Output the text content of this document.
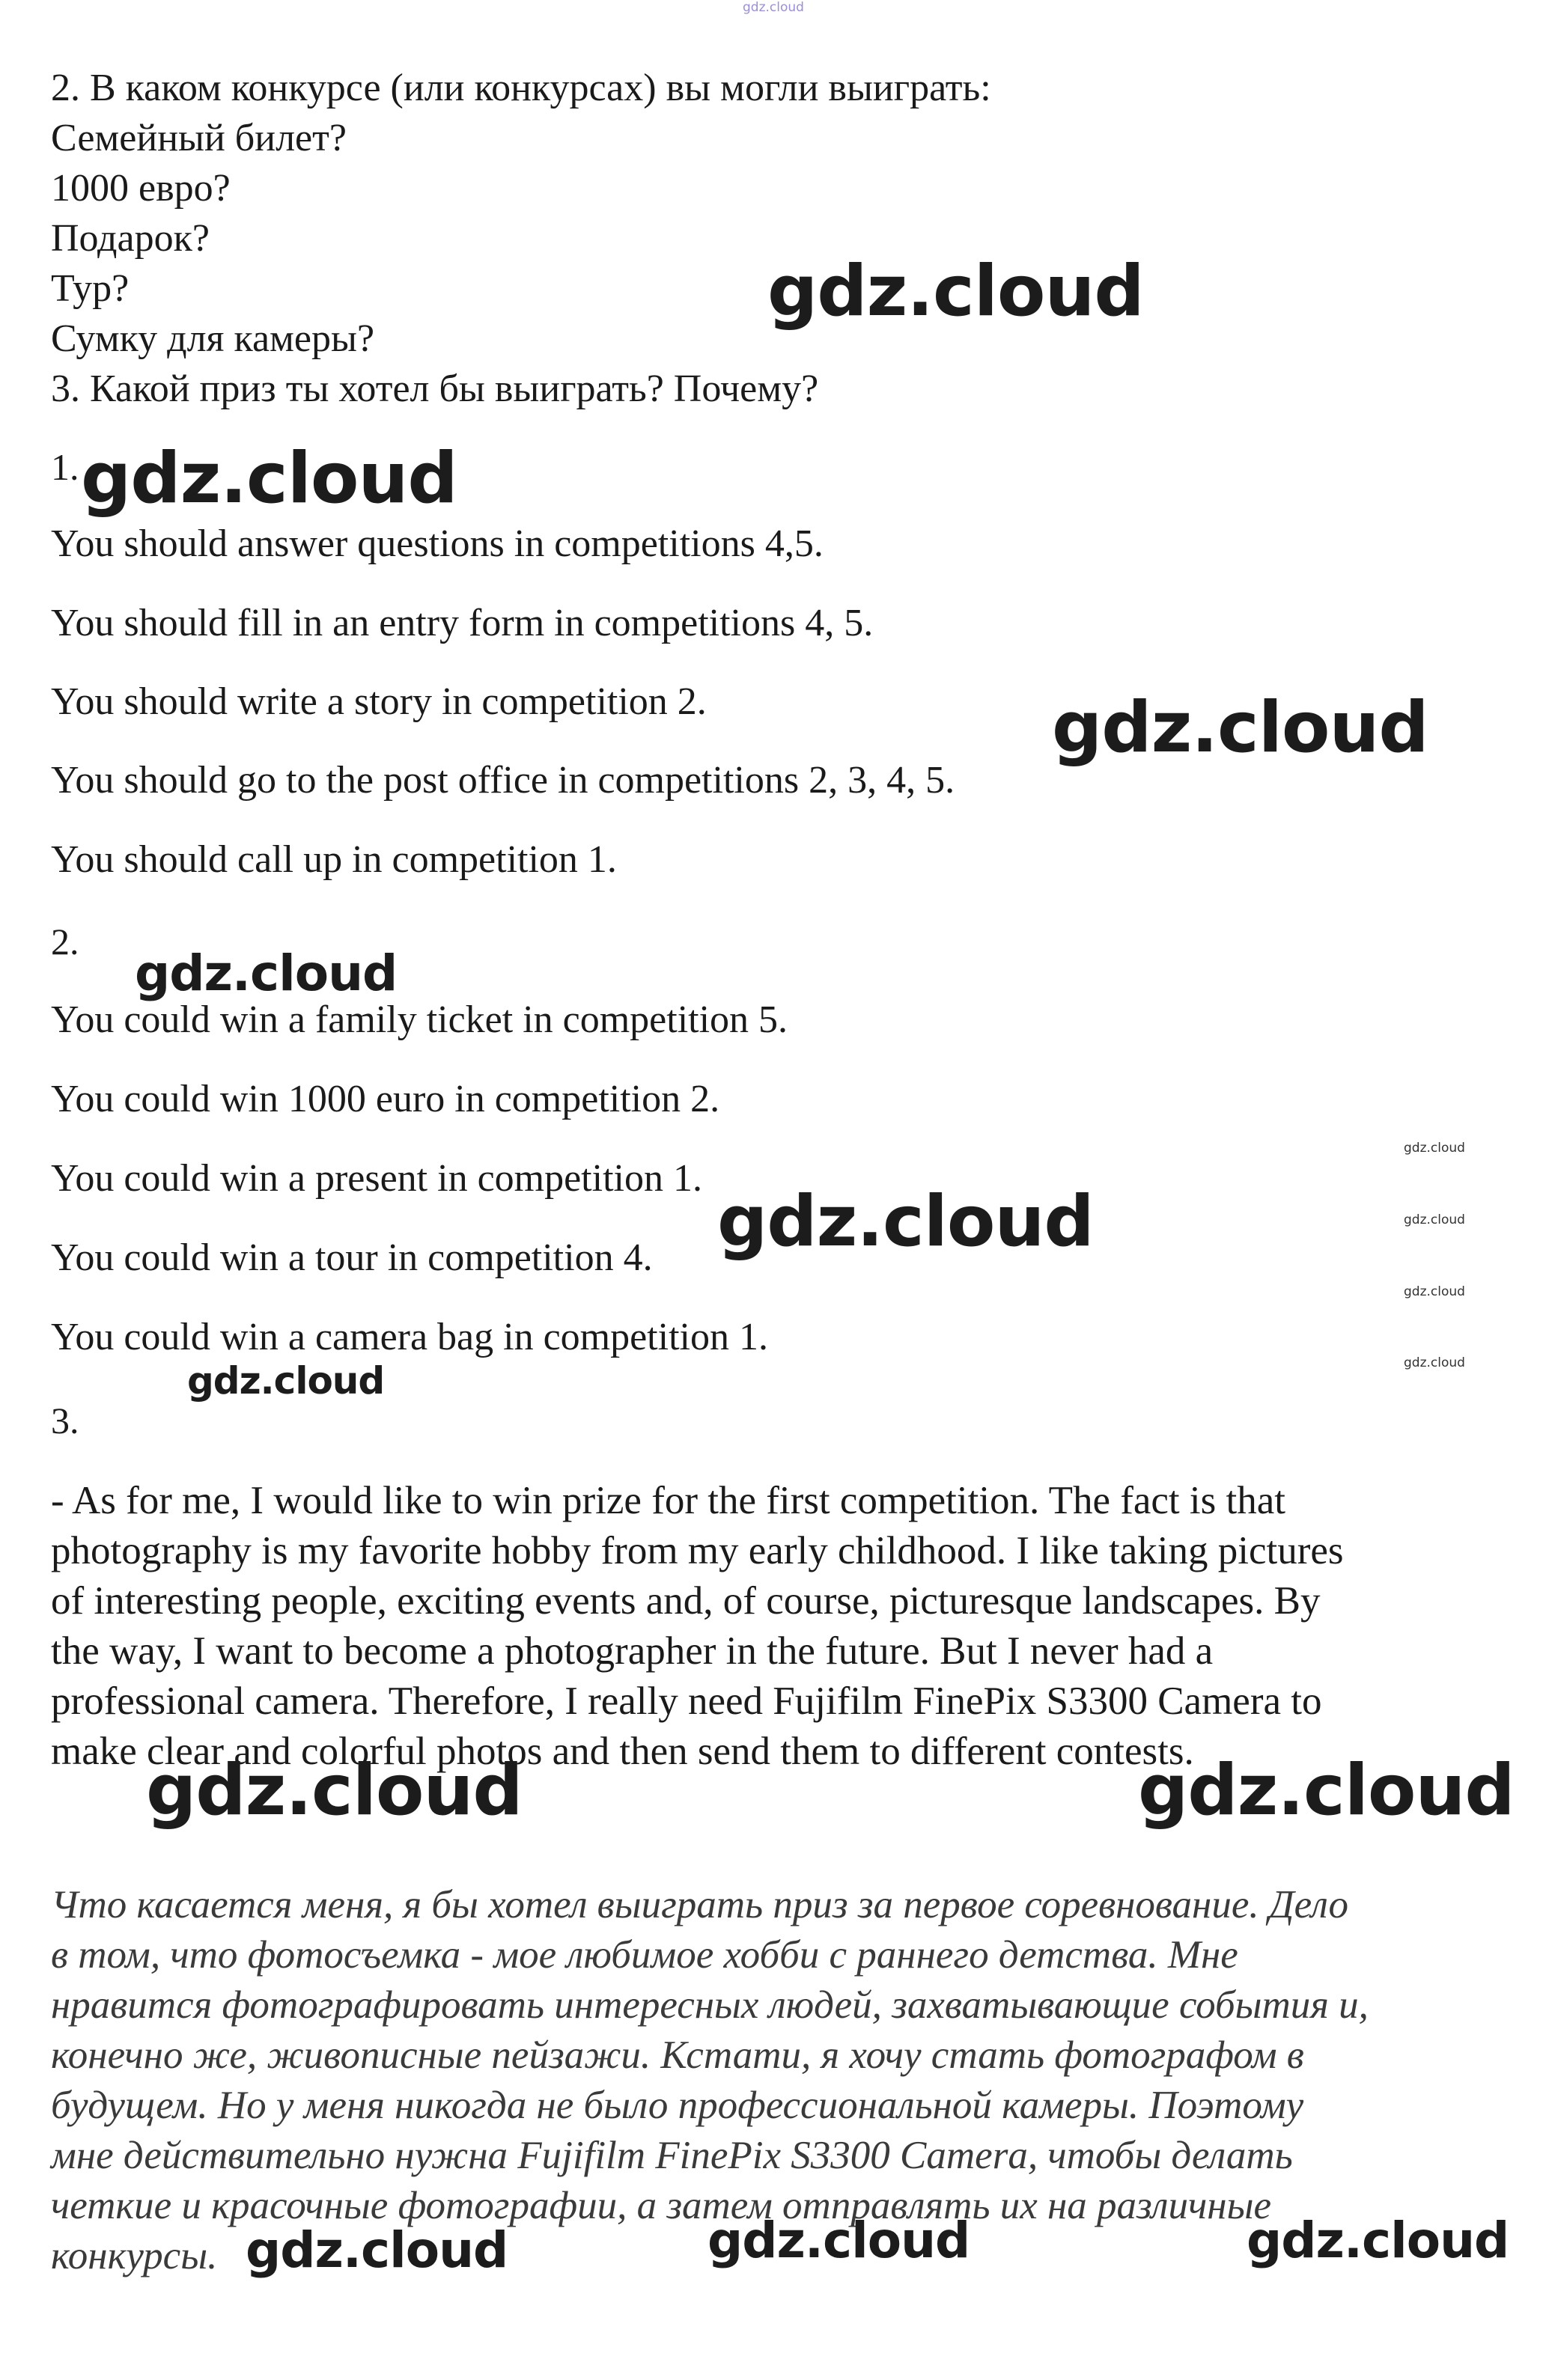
gdz.cloud

2. В каком конкурсе (или конкурсах) вы могли выиграть:

Семейный билет?

1000 евро?

Подарок?

Тур?

Сумку для камеры?

3. Какой приз ты хотел бы выиграть? Почему?

gdz.cloud
1. gdz.cloud

You should answer questions in competitions 4,5.

You should fill in an entry form in competitions 4, 5.

You should write a story in competition 2.

You should go to the post office in competitions 2, 3, 4, 5.

You should call up in competition 1.

gdz.cloud
2.
gdz.cloud

You could win a family ticket in competition 5.

You could win 1000 euro in competition 2.

You could win a present in competition 1.

You could win a tour in competition 4.

You could win a camera bag in competition 1.

gdz.cloud
gdz.cloud
gdz.cloud
gdz.cloud
gdz.cloud
gdz.cloud
3.
- As for me, I would like to win prize for the first competition. The fact is that
photography is my favorite hobby from my early childhood. I like taking pictures
of interesting people, exciting events and, of course, picturesque landscapes. By
the way, I want to become a photographer in the future. But I never had a
professional camera. Therefore, I really need Fujifilm FinePix S3300 Camera to
make clear and colorful photos and then send them to different contests.
gdz.cloud	gdz.cloud
Что касается меня, я бы хотел выиграть приз за первое соревнование. Дело
в том, что фотосъемка - мое любимое хобби с раннего детства. Мне
нравится фотографировать интересных людей, захватывающие события и,
конечно же, живописные пейзажи. Кстати, я хочу стать фотографом в
будущем. Но у меня никогда не было профессиональной камеры. Поэтому
мне действительно нужна Fujifilm FinePix S3300 Camera, чтобы делать
четкие и красочные фотографии, а затем отправлять их на различные
конкурсы. gdz.cloud	gdz.cloud	gdz.cloud
